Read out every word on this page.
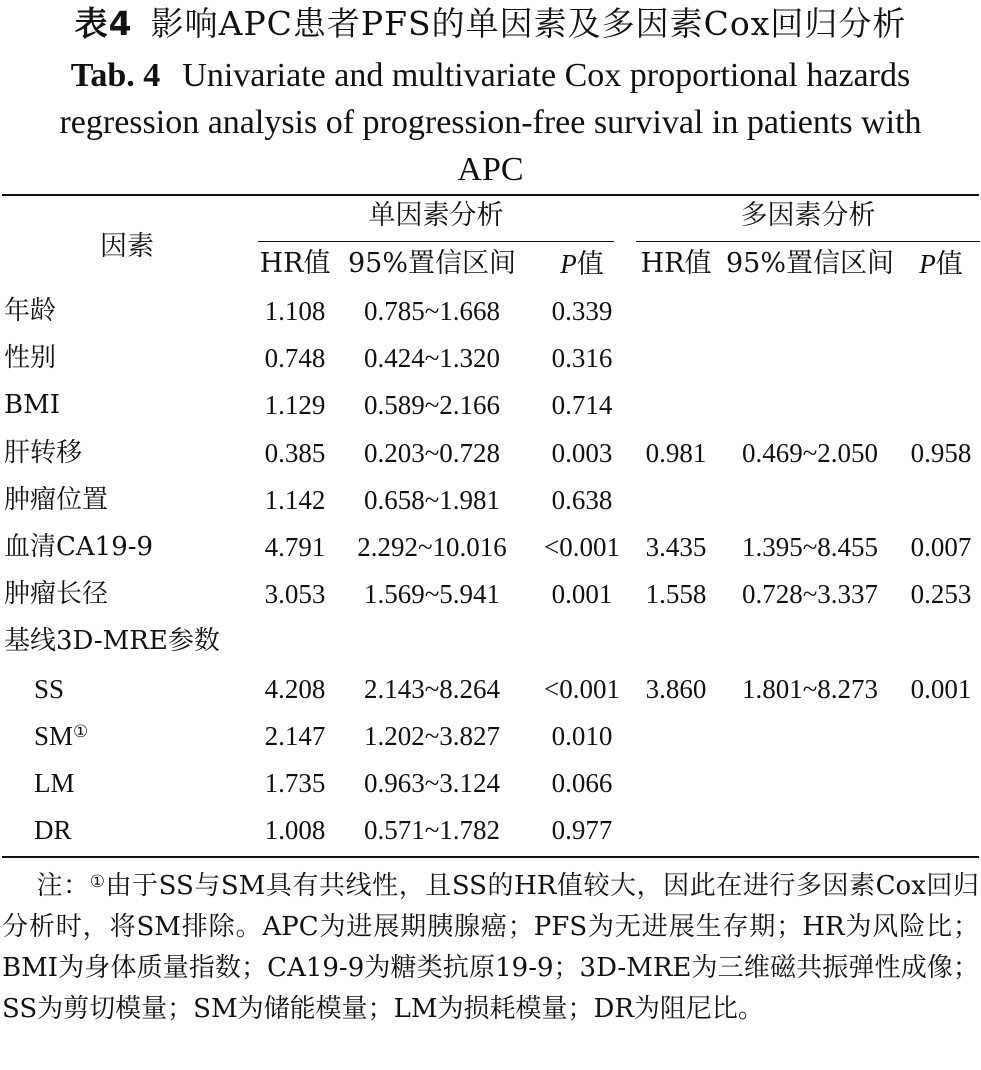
表4 影响APC患者PFS的单因素及多因素Cox回归分析
Tab. 4 Univariate and multivariate Cox proportional hazards regression analysis of progression-free survival in patients with APC
因素
单因素分析	多因素分析
HR值 95%置信区间	P值	HR值 95%置信区间 P值
年龄	1.108	0.785~1.668	0.339
性别	0.748	0.424~1.320	0.316
BMI	1.129	0.589~2.166	0.714
肝转移	0.385	0.203~0.728	0.003	0.981	0.469~2.050	0.958
肿瘤位置	1.142	0.658~1.981	0.638
血清CA19-9	4.791	2.292~10.016	<0.001 3.435	1.395~8.455	0.007
肿瘤长径	3.053	1.569~5.941	0.001	1.558	0.728~3.337	0.253
基线3D-MRE参数
SS	4.208	2.143~8.264	<0.001 3.860	1.801~8.273	0.001
SM①	2.147	1.202~3.827	0.010
LM	1.735	0.963~3.124	0.066
DR	1.008	0.571~1.782	0.977
注：①由于SS与SM具有共线性，且SS的HR值较大，因此在进行多因素Cox回归分析时，将SM排除。APC为进展期胰腺癌；PFS为无进展生存期；HR为风险比；BMI为身体质量指数；CA19-9为糖类抗原19-9；3D-MRE为三维磁共振弹性成像；SS为剪切模量；SM为储能模量；LM为损耗模量；DR为阻尼比。
